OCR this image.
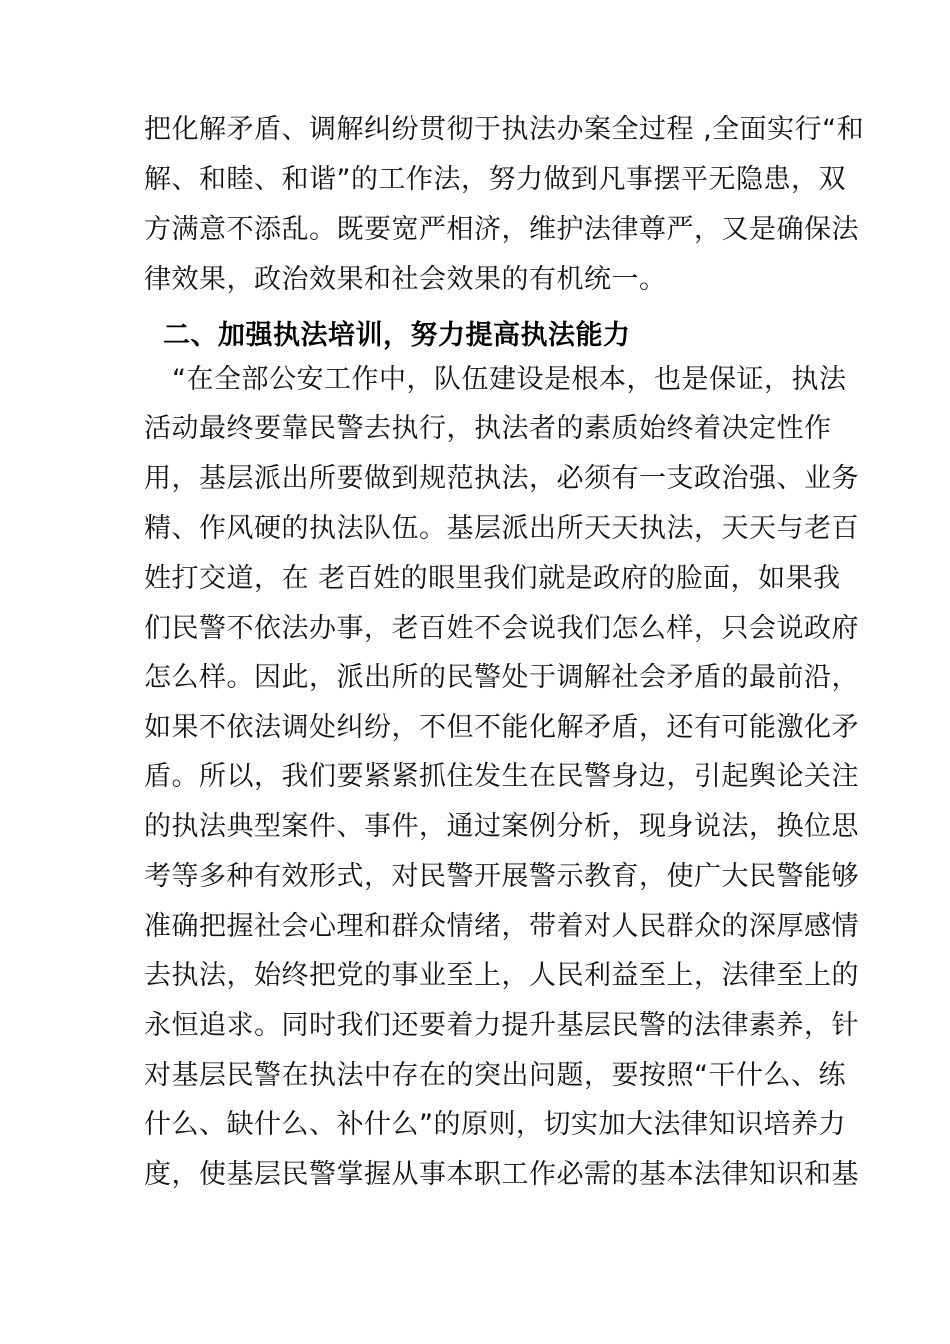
把化解矛盾、调解纠纷贯彻于执法办案全过程 ,全面实行“和
解、和睦、和谐”的工作法，努力做到凡事摆平无隐患，双
方满意不添乱。既要宽严相济，维护法律尊严，又是确保法
律效果，政治效果和社会效果的有机统一。
二、加强执法培训，努力提高执法能力
“在全部公安工作中，队伍建设是根本，也是保证，执法
活动最终要靠民警去执行，执法者的素质始终着决定性作
用，基层派出所要做到规范执法，必须有一支政治强、业务
精、作风硬的执法队伍。基层派出所天天执法，天天与老百
姓打交道，在 老百姓的眼里我们就是政府的脸面，如果我
们民警不依法办事，老百姓不会说我们怎么样，只会说政府
怎么样。因此，派出所的民警处于调解社会矛盾的最前沿，
如果不依法调处纠纷，不但不能化解矛盾，还有可能激化矛
盾。所以，我们要紧紧抓住发生在民警身边，引起舆论关注
的执法典型案件、事件，通过案例分析，现身说法，换位思
考等多种有效形式，对民警开展警示教育，使广大民警能够
准确把握社会心理和群众情绪，带着对人民群众的深厚感情
去执法，始终把党的事业至上，人民利益至上，法律至上的
永恒追求。同时我们还要着力提升基层民警的法律素养，针
对基层民警在执法中存在的突出问题，要按照“干什么、练
什么、缺什么、补什么”的原则，切实加大法律知识培养力
度，使基层民警掌握从事本职工作必需的基本法律知识和基
